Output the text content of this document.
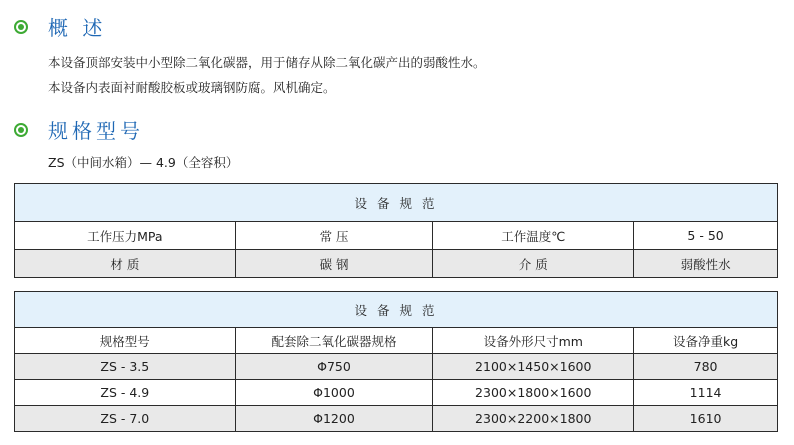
概 述
本设备顶部安装中小型除二氧化碳器，用于储存从除二氧化碳产出的弱酸性水。
本设备内表面衬耐酸胶板或玻璃钢防腐。风机确定。
规格型号
ZS（中间水箱）— 4.9（全容积）
设 备 规 范			
工作压力MPa	常 压	工作温度℃	5 - 50
材 质	碳 钢	介 质	弱酸性水
设 备 规 范			
规格型号	配套除二氧化碳器规格	设备外形尺寸mm	设备净重kg
ZS - 3.5	Φ750	2100×1450×1600	780
ZS - 4.9	Φ1000	2300×1800×1600	1114
ZS - 7.0	Φ1200	2300×2200×1800	1610
